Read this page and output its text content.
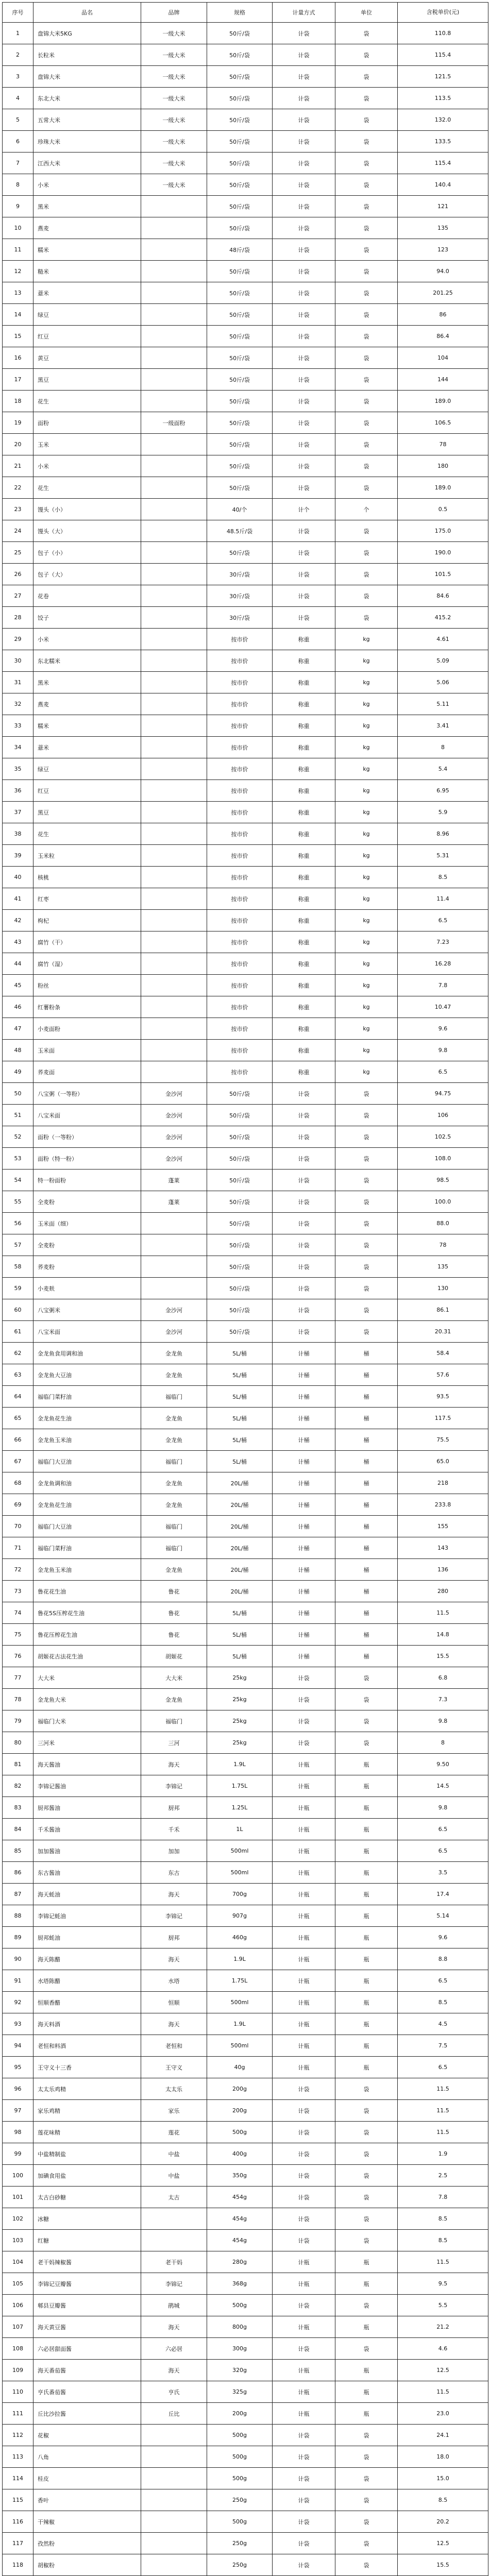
序号	品名	品牌	规格	计量方式	单位	含税单价(元)
1	盘锦大米5KG	一级大米	50斤/袋	计袋	袋	110.8
2	长粒米	一级大米	50斤/袋	计袋	袋	115.4
3	盘锦大米	一级大米	50斤/袋	计袋	袋	121.5
4	东北大米	一级大米	50斤/袋	计袋	袋	113.5
5	五常大米	一级大米	50斤/袋	计袋	袋	132.0
6	珍珠大米	一级大米	50斤/袋	计袋	袋	133.5
7	江西大米	一级大米	50斤/袋	计袋	袋	115.4
8	小米	一级大米	50斤/袋	计袋	袋	140.4
9	黑米		50斤/袋	计袋	袋	121
10	燕麦		50斤/袋	计袋	袋	135
11	糯米		48斤/袋	计袋	袋	123
12	糙米		50斤/袋	计袋	袋	94.0
13	薏米		50斤/袋	计袋	袋	201.25
14	绿豆		50斤/袋	计袋	袋	86
15	红豆		50斤/袋	计袋	袋	86.4
16	黄豆		50斤/袋	计袋	袋	104
17	黑豆		50斤/袋	计袋	袋	144
18	花生		50斤/袋	计袋	袋	189.0
19	面粉	一级面粉	50斤/袋	计袋	袋	106.5
20	玉米		50斤/袋	计袋	袋	78
21	小米		50斤/袋	计袋	袋	180
22	花生		50斤/袋	计袋	袋	189.0
23	馒头（小）		40/个	计个	个	0.5
24	馒头（大）		48.5斤/袋	计袋	袋	175.0
25	包子（小）		50斤/袋	计袋	袋	190.0
26	包子（大）		30斤/袋	计袋	袋	101.5
27	花卷		30斤/袋	计袋	袋	84.6
28	饺子		30斤/袋	计袋	袋	415.2
29	小米		按市价	称重	kg	4.61
30	东北糯米		按市价	称重	kg	5.09
31	黑米		按市价	称重	kg	5.06
32	燕麦		按市价	称重	kg	5.11
33	糯米		按市价	称重	kg	3.41
34	薏米		按市价	称重	kg	8
35	绿豆		按市价	称重	kg	5.4
36	红豆		按市价	称重	kg	6.95
37	黑豆		按市价	称重	kg	5.9
38	花生		按市价	称重	kg	8.96
39	玉米粒		按市价	称重	kg	5.31
40	核桃		按市价	称重	kg	8.5
41	红枣		按市价	称重	kg	11.4
42	枸杞		按市价	称重	kg	6.5
43	腐竹（干）		按市价	称重	kg	7.23
44	腐竹（湿）		按市价	称重	kg	16.28
45	粉丝		按市价	称重	kg	7.8
46	红薯粉条		按市价	称重	kg	10.47
47	小麦面粉		按市价	称重	kg	9.6
48	玉米面		按市价	称重	kg	9.8
49	荞麦面		按市价	称重	kg	6.5
50	八宝粥（一等粉）	金沙河	50斤/袋	计袋	袋	94.75
51	八宝米面	金沙河	50斤/袋	计袋	袋	106
52	面粉（一等粉）	金沙河	50斤/袋	计袋	袋	102.5
53	面粉（特一粉）	金沙河	50斤/袋	计袋	袋	108.0
54	特一粉面粉	蓬莱	50斤/袋	计袋	袋	98.5
55	全麦粉	蓬莱	50斤/袋	计袋	袋	100.0
56	玉米面（细）		50斤/袋	计袋	袋	88.0
57	全麦粉		50斤/袋	计袋	袋	78
58	荞麦粉		50斤/袋	计袋	袋	135
59	小麦麸		50斤/袋	计袋	袋	130
60	八宝粥米	金沙河	50斤/袋	计袋	袋	86.1
61	八宝米面	金沙河	50斤/袋	计袋	袋	20.31
62	金龙鱼食用调和油	金龙鱼	5L/桶	计桶	桶	58.4
63	金龙鱼大豆油	金龙鱼	5L/桶	计桶	桶	57.6
64	福临门菜籽油	福临门	5L/桶	计桶	桶	93.5
65	金龙鱼花生油	金龙鱼	5L/桶	计桶	桶	117.5
66	金龙鱼玉米油	金龙鱼	5L/桶	计桶	桶	75.5
67	福临门大豆油	福临门	5L/桶	计桶	桶	65.0
68	金龙鱼调和油	金龙鱼	20L/桶	计桶	桶	218
69	金龙鱼花生油	金龙鱼	20L/桶	计桶	桶	233.8
70	福临门大豆油	福临门	20L/桶	计桶	桶	155
71	福临门菜籽油	福临门	20L/桶	计桶	桶	143
72	金龙鱼玉米油	金龙鱼	20L/桶	计桶	桶	136
73	鲁花花生油	鲁花	20L/桶	计桶	桶	280
74	鲁花5S压榨花生油	鲁花	5L/桶	计桶	桶	11.5
75	鲁花压榨花生油	鲁花	5L/桶	计桶	桶	14.8
76	胡姬花古法花生油	胡姬花	5L/桶	计桶	桶	15.5
77	大大米	大大米	25kg	计袋	袋	6.8
78	金龙鱼大米	金龙鱼	25kg	计袋	袋	7.3
79	福临门大米	福临门	25kg	计袋	袋	9.8
80	三河米	三河	25kg	计袋	袋	8
81	海天酱油	海天	1.9L	计瓶	瓶	9.50
82	李锦记酱油	李锦记	1.75L	计瓶	瓶	14.5
83	厨邦酱油	厨邦	1.25L	计瓶	瓶	9.8
84	千禾酱油	千禾	1L	计瓶	瓶	6.5
85	加加酱油	加加	500ml	计瓶	瓶	6.5
86	东古酱油	东古	500ml	计瓶	瓶	3.5
87	海天蚝油	海天	700g	计瓶	瓶	17.4
88	李锦记蚝油	李锦记	907g	计瓶	瓶	5.14
89	厨邦蚝油	厨邦	460g	计瓶	瓶	9.6
90	海天陈醋	海天	1.9L	计瓶	瓶	8.8
91	水塔陈醋	水塔	1.75L	计瓶	瓶	6.5
92	恒顺香醋	恒顺	500ml	计瓶	瓶	8.5
93	海天料酒	海天	1.9L	计瓶	瓶	4.5
94	老恒和料酒	老恒和	500ml	计瓶	瓶	7.5
95	王守义十三香	王守义	40g	计瓶	瓶	6.5
96	太太乐鸡精	太太乐	200g	计袋	袋	11.5
97	家乐鸡精	家乐	200g	计袋	袋	11.5
98	莲花味精	莲花	500g	计袋	袋	11.5
99	中盐精制盐	中盐	400g	计袋	袋	1.9
100	加碘食用盐	中盐	350g	计袋	袋	2.5
101	太古白砂糖	太古	454g	计袋	袋	7.8
102	冰糖		454g	计袋	袋	8.5
103	红糖		454g	计袋	袋	8.5
104	老干妈辣椒酱	老干妈	280g	计瓶	瓶	11.5
105	李锦记豆瓣酱	李锦记	368g	计瓶	瓶	9.5
106	郫县豆瓣酱	鹃城	500g	计袋	袋	5.5
107	海天黄豆酱	海天	800g	计瓶	瓶	21.2
108	六必居甜面酱	六必居	300g	计袋	袋	4.6
109	海天番茄酱	海天	320g	计瓶	瓶	12.5
110	亨氏番茄酱	亨氏	325g	计瓶	瓶	11.5
111	丘比沙拉酱	丘比	200g	计瓶	瓶	23.0
112	花椒		500g	计袋	袋	24.1
113	八角		500g	计袋	袋	18.0
114	桂皮		500g	计袋	袋	15.0
115	香叶		250g	计袋	袋	8.5
116	干辣椒		500g	计袋	袋	20.2
117	孜然粉		250g	计袋	袋	12.5
118	胡椒粉		250g	计袋	袋	15.5
